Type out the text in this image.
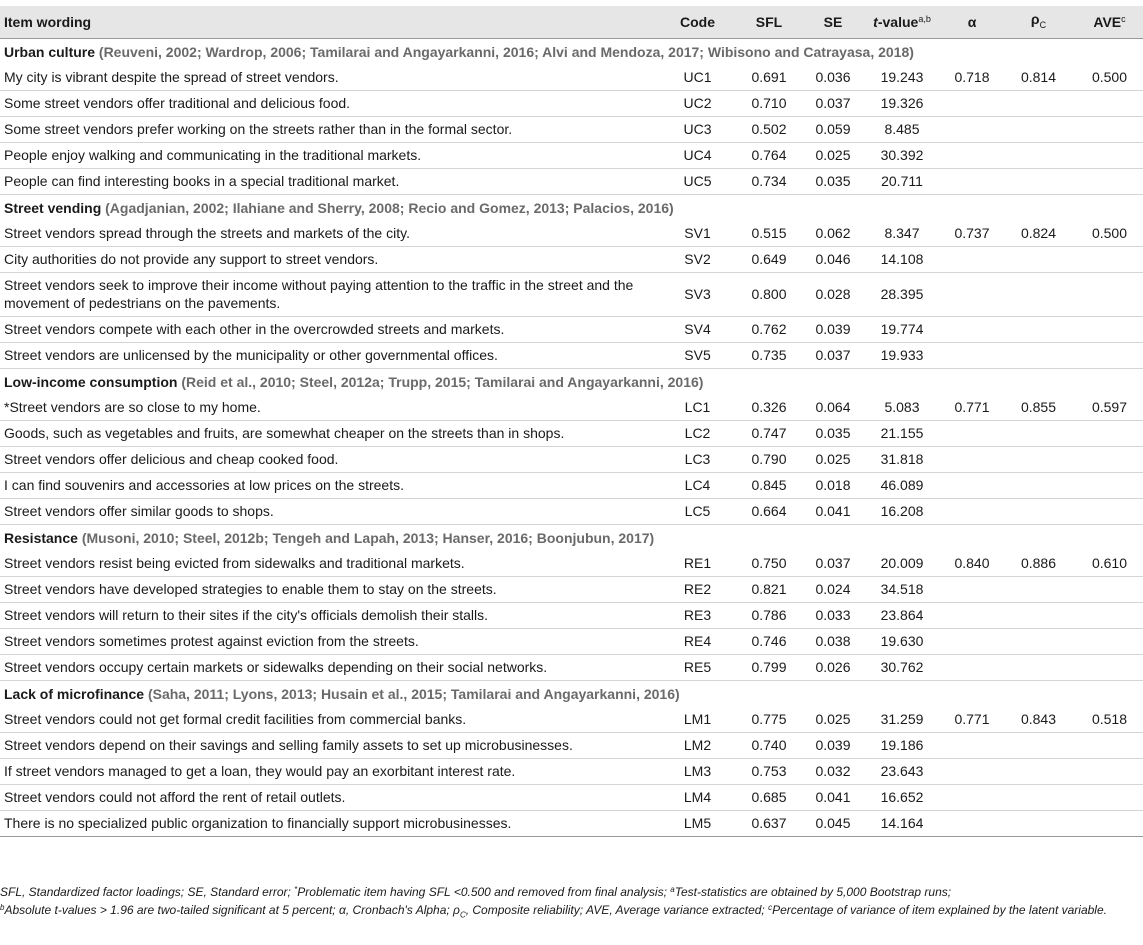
Item wording	Code	SFL	SE	t-value$^{a,b}$	α	$\rho_C$	AVE$^c$
Urban culture (Reuveni, 2002; Wardrop, 2006; Tamilarai and Angayarkanni, 2016; Alvi and Mendoza, 2017; Wibisono and Catrayasa, 2018)							
My city is vibrant despite the spread of street vendors.	UC1	0.691	0.036	19.243	0.718	0.814	0.500
Some street vendors offer traditional and delicious food.	UC2	0.710	0.037	19.326			
Some street vendors prefer working on the streets rather than in the formal sector.	UC3	0.502	0.059	8.485			
People enjoy walking and communicating in the traditional markets.	UC4	0.764	0.025	30.392			
People can find interesting books in a special traditional market.	UC5	0.734	0.035	20.711			
Street vending (Agadjanian, 2002; Ilahiane and Sherry, 2008; Recio and Gomez, 2013; Palacios, 2016)							
Street vendors spread through the streets and markets of the city.	SV1	0.515	0.062	8.347	0.737	0.824	0.500
City authorities do not provide any support to street vendors.	SV2	0.649	0.046	14.108			
Street vendors seek to improve their income without paying attention to the traffic in the street and the movement of pedestrians on the pavements.	SV3	0.800	0.028	28.395			
Street vendors compete with each other in the overcrowded streets and markets.	SV4	0.762	0.039	19.774			
Street vendors are unlicensed by the municipality or other governmental offices.	SV5	0.735	0.037	19.933			
Low-income consumption (Reid et al., 2010; Steel, 2012a; Trupp, 2015; Tamilarai and Angayarkanni, 2016)							
*Street vendors are so close to my home.	LC1	0.326	0.064	5.083	0.771	0.855	0.597
Goods, such as vegetables and fruits, are somewhat cheaper on the streets than in shops.	LC2	0.747	0.035	21.155			
Street vendors offer delicious and cheap cooked food.	LC3	0.790	0.025	31.818			
I can find souvenirs and accessories at low prices on the streets.	LC4	0.845	0.018	46.089			
Street vendors offer similar goods to shops.	LC5	0.664	0.041	16.208			
Resistance (Musoni, 2010; Steel, 2012b; Tengeh and Lapah, 2013; Hanser, 2016; Boonjubun, 2017)							
Street vendors resist being evicted from sidewalks and traditional markets.	RE1	0.750	0.037	20.009	0.840	0.886	0.610
Street vendors have developed strategies to enable them to stay on the streets.	RE2	0.821	0.024	34.518			
Street vendors will return to their sites if the city's officials demolish their stalls.	RE3	0.786	0.033	23.864			
Street vendors sometimes protest against eviction from the streets.	RE4	0.746	0.038	19.630			
Street vendors occupy certain markets or sidewalks depending on their social networks.	RE5	0.799	0.026	30.762			
Lack of microfinance (Saha, 2011; Lyons, 2013; Husain et al., 2015; Tamilarai and Angayarkanni, 2016)							
Street vendors could not get formal credit facilities from commercial banks.	LM1	0.775	0.025	31.259	0.771	0.843	0.518
Street vendors depend on their savings and selling family assets to set up microbusinesses.	LM2	0.740	0.039	19.186			
If street vendors managed to get a loan, they would pay an exorbitant interest rate.	LM3	0.753	0.032	23.643			
Street vendors could not afford the rent of retail outlets.	LM4	0.685	0.041	16.652			
There is no specialized public organization to financially support microbusinesses.	LM5	0.637	0.045	14.164			
SFL, Standardized factor loadings; SE, Standard error; *Problematic item having SFL <0.500 and removed from final analysis; $^a$Test-statistics are obtained by 5,000 Bootstrap runs;
$^b$Absolute t-values > 1.96 are two-tailed significant at 5 percent; α, Cronbach's Alpha; $\rho_C$, Composite reliability; AVE, Average variance extracted; $^c$Percentage of variance of item explained by the latent variable.
